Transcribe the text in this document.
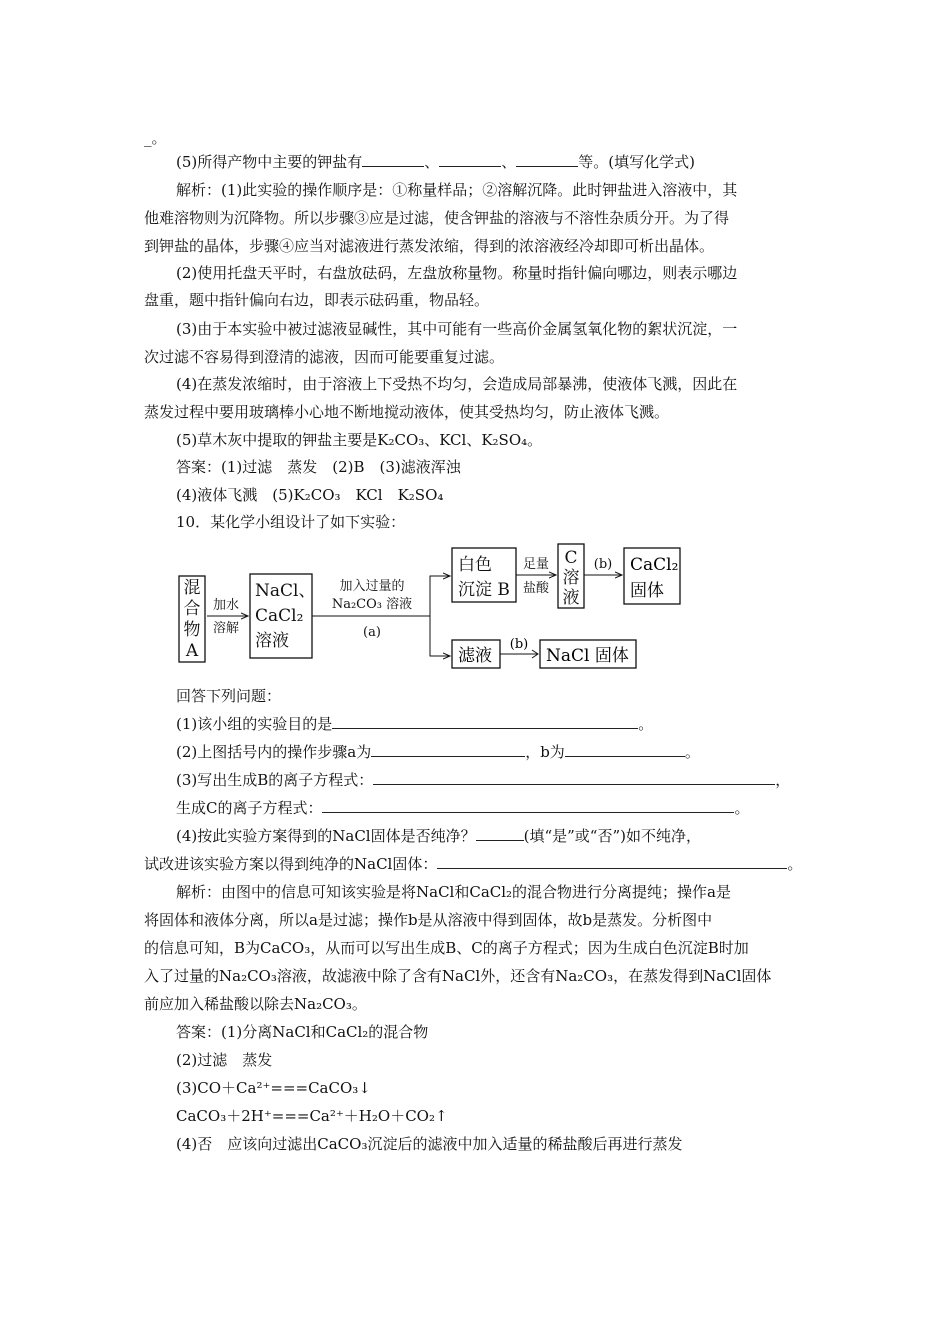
_。
(5)所得产物中主要的钾盐有	、	、	等。(填写化学式)
解析：(1)此实验的操作顺序是：①称量样品；②溶解沉降。此时钾盐进入溶液中，其
他难溶物则为沉降物。所以步骤③应是过滤，使含钾盐的溶液与不溶性杂质分开。为了得
到钾盐的晶体，步骤④应当对滤液进行蒸发浓缩，得到的浓溶液经冷却即可析出晶体。
(2)使用托盘天平时，右盘放砝码，左盘放称量物。称量时指针偏向哪边，则表示哪边
盘重，题中指针偏向右边，即表示砝码重，物品轻。
(3)由于本实验中被过滤液显碱性，其中可能有一些高价金属氢氧化物的絮状沉淀，一
次过滤不容易得到澄清的滤液，因而可能要重复过滤。
(4)在蒸发浓缩时，由于溶液上下受热不均匀，会造成局部暴沸，使液体飞溅，因此在
蒸发过程中要用玻璃棒小心地不断地搅动液体，使其受热均匀，防止液体飞溅。
(5)草木灰中提取的钾盐主要是K₂CO₃、KCl、K₂SO₄。
答案：(1)过滤　蒸发　(2)B　(3)滤液浑浊
(4)液体飞溅　(5)K₂CO₃　KCl　K₂SO₄
10．某化学小组设计了如下实验：
混
合
物
A
加水
溶解
NaCl、
CaCl₂
溶液
加入过量的
Na₂CO₃ 溶液
(a)
白色
沉淀 B
足量
盐酸
C
溶
液
(b) CaCl₂
固体
滤液
(b)
NaCl 固体
回答下列问题：
(1)该小组的实验目的是	。
(2)上图括号内的操作步骤a为	，b为	。
(3)写出生成B的离子方程式：	，
生成C的离子方程式：	。
(4)按此实验方案得到的NaCl固体是否纯净？	(填“是”或“否”)如不纯净，
试改进该实验方案以得到纯净的NaCl固体：	。
解析：由图中的信息可知该实验是将NaCl和CaCl₂的混合物进行分离提纯；操作a是
将固体和液体分离，所以a是过滤；操作b是从溶液中得到固体，故b是蒸发。分析图中
的信息可知，B为CaCO₃，从而可以写出生成B、C的离子方程式；因为生成白色沉淀B时加
入了过量的Na₂CO₃溶液，故滤液中除了含有NaCl外，还含有Na₂CO₃，在蒸发得到NaCl固体
前应加入稀盐酸以除去Na₂CO₃。
答案：(1)分离NaCl和CaCl₂的混合物
(2)过滤　蒸发
(3)CO＋Ca²⁺===CaCO₃↓
CaCO₃＋2H⁺===Ca²⁺＋H₂O＋CO₂↑
(4)否　应该向过滤出CaCO₃沉淀后的滤液中加入适量的稀盐酸后再进行蒸发
